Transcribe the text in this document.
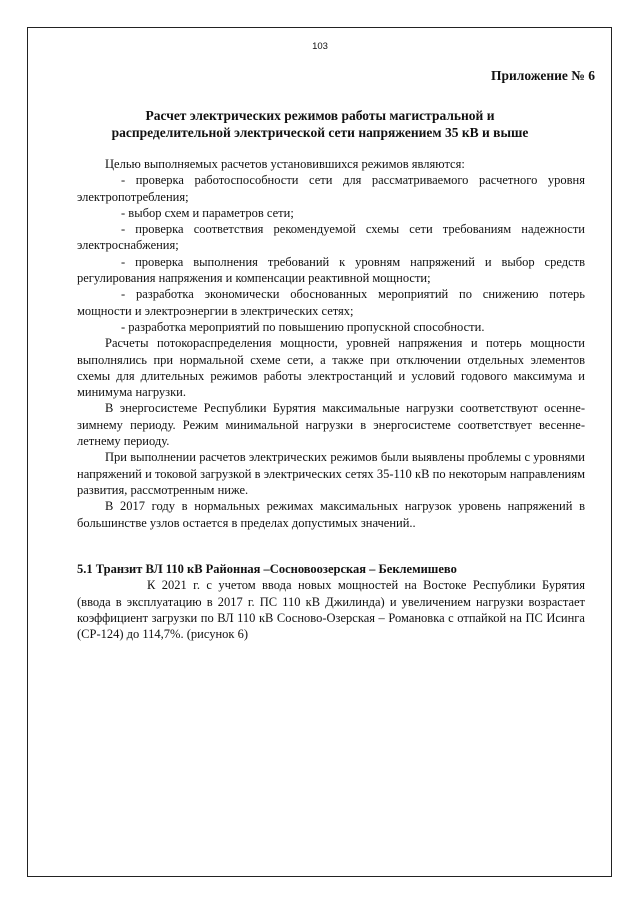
103
Приложение № 6
Расчет электрических режимов работы магистральной и
распределительной электрической сети напряжением 35 кВ и выше

Целью выполняемых расчетов установившихся режимов являются:

- проверка работоспособности сети для рассматриваемого расчетного уровня электропотребления;

- выбор схем и параметров сети;

- проверка соответствия рекомендуемой схемы сети требованиям надежности электроснабжения;

- проверка выполнения требований к уровням напряжений и выбор средств регулирования напряжения и компенсации реактивной мощности;

- разработка экономически обоснованных мероприятий по снижению потерь мощности и электроэнергии в электрических сетях;

- разработка мероприятий по повышению пропускной способности.

Расчеты потокораспределения мощности, уровней напряжения и потерь мощности выполнялись при нормальной схеме сети, а также при отключении отдельных элементов схемы для длительных режимов работы электростанций и условий годового максимума и минимума нагрузки.

В энергосистеме Республики Бурятия максимальные нагрузки соответствуют осенне-зимнему периоду. Режим минимальной нагрузки в энергосистеме соответствует весенне-летнему периоду.

При выполнении расчетов электрических режимов были выявлены проблемы с уровнями напряжений и токовой загрузкой в электрических сетях 35-110 кВ по некоторым направлениям развития, рассмотренным ниже.

В 2017 году в нормальных режимах максимальных нагрузок уровень напряжений в большинстве узлов остается в пределах допустимых значений..

5.1 Транзит ВЛ 110 кВ Районная –Сосновоозерская – Беклемишево

К 2021 г. с учетом ввода новых мощностей на Востоке Республики Бурятия (ввода в эксплуатацию в 2017 г. ПС 110 кВ Джилинда) и увеличением нагрузки возрастает коэффициент загрузки по ВЛ 110 кВ Сосново-Озерская – Романовка с отпайкой на ПС Исинга (СР-124) до 114,7%. (рисунок 6)
